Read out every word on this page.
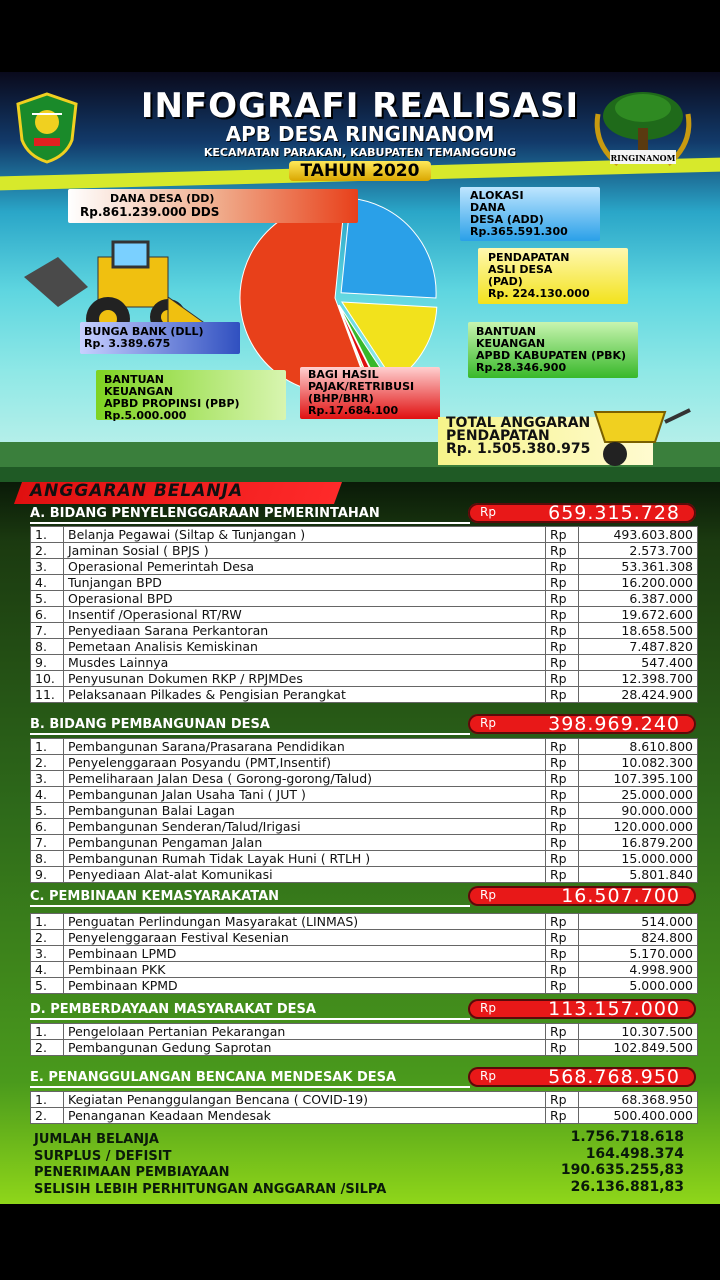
RINGINANOM
INFOGRAFI REALISASI
APB DESA RINGINANOM
KECAMATAN PARAKAN, KABUPATEN TEMANGGUNG
TAHUN 2020
DANA DESA (DD)
Rp.861.239.000 DDS
ALOKASI
DANA
DESA (ADD)
Rp.365.591.300
PENDAPATAN
ASLI DESA
(PAD)
Rp. 224.130.000
BANTUAN
KEUANGAN
APBD KABUPATEN (PBK)
Rp.28.346.900
BAGI HASIL
PAJAK/RETRIBUSI
(BHP/BHR)
Rp.17.684.100
BANTUAN
KEUANGAN
APBD PROPINSI (PBP)
Rp.5.000.000
BUNGA BANK (DLL)
Rp. 3.389.675
TOTAL ANGGARAN
PENDAPATAN
Rp. 1.505.380.975
ANGGARAN BELANJA
A. BIDANG PENYELENGGARAAN PEMERINTAHAN	Rp	659.315.728
1.	Belanja Pegawai (Siltap & Tunjangan )	Rp	493.603.800
2.	Jaminan Sosial ( BPJS )	Rp	2.573.700
3.	Operasional Pemerintah Desa	Rp	53.361.308
4.	Tunjangan BPD	Rp	16.200.000
5.	Operasional BPD	Rp	6.387.000
6.	Insentif /Operasional RT/RW	Rp	19.672.600
7.	Penyediaan Sarana Perkantoran	Rp	18.658.500
8.	Pemetaan Analisis Kemiskinan	Rp	7.487.820
9.	Musdes Lainnya	Rp	547.400
10.	Penyusunan Dokumen RKP / RPJMDes	Rp	12.398.700
11.	Pelaksanaan Pilkades & Pengisian Perangkat	Rp	28.424.900
B. BIDANG PEMBANGUNAN DESA	Rp	398.969.240
1.	Pembangunan Sarana/Prasarana Pendidikan	Rp	8.610.800
2.	Penyelenggaraan Posyandu (PMT,Insentif)	Rp	10.082.300
3.	Pemeliharaan Jalan Desa ( Gorong-gorong/Talud)	Rp	107.395.100
4.	Pembangunan Jalan Usaha Tani ( JUT )	Rp	25.000.000
5.	Pembangunan Balai Lagan	Rp	90.000.000
6.	Pembangunan Senderan/Talud/Irigasi	Rp	120.000.000
7.	Pembangunan Pengaman Jalan	Rp	16.879.200
8.	Pembangunan Rumah Tidak Layak Huni ( RTLH )	Rp	15.000.000
9.	Penyediaan Alat-alat Komunikasi	Rp	5.801.840
C. PEMBINAAN KEMASYARAKATAN	Rp	16.507.700
1.	Penguatan Perlindungan Masyarakat (LINMAS)	Rp	514.000
2.	Penyelenggaraan Festival Kesenian	Rp	824.800
3.	Pembinaan LPMD	Rp	5.170.000
4.	Pembinaan PKK	Rp	4.998.900
5.	Pembinaan KPMD	Rp	5.000.000
D. PEMBERDAYAAN MASYARAKAT DESA	Rp	113.157.000
1.	Pengelolaan Pertanian Pekarangan	Rp	10.307.500
2.	Pembangunan Gedung Saprotan	Rp	102.849.500
E. PENANGGULANGAN BENCANA MENDESAK DESA	Rp	568.768.950
1.	Kegiatan Penanggulangan Bencana ( COVID-19)	Rp	68.368.950
2.	Penanganan Keadaan Mendesak	Rp	500.400.000
JUMLAH BELANJA	1.756.718.618
SURPLUS / DEFISIT	164.498.374
PENERIMAAN PEMBIAYAAN	190.635.255,83
SELISIH LEBIH PERHITUNGAN ANGGARAN /SILPA	26.136.881,83
